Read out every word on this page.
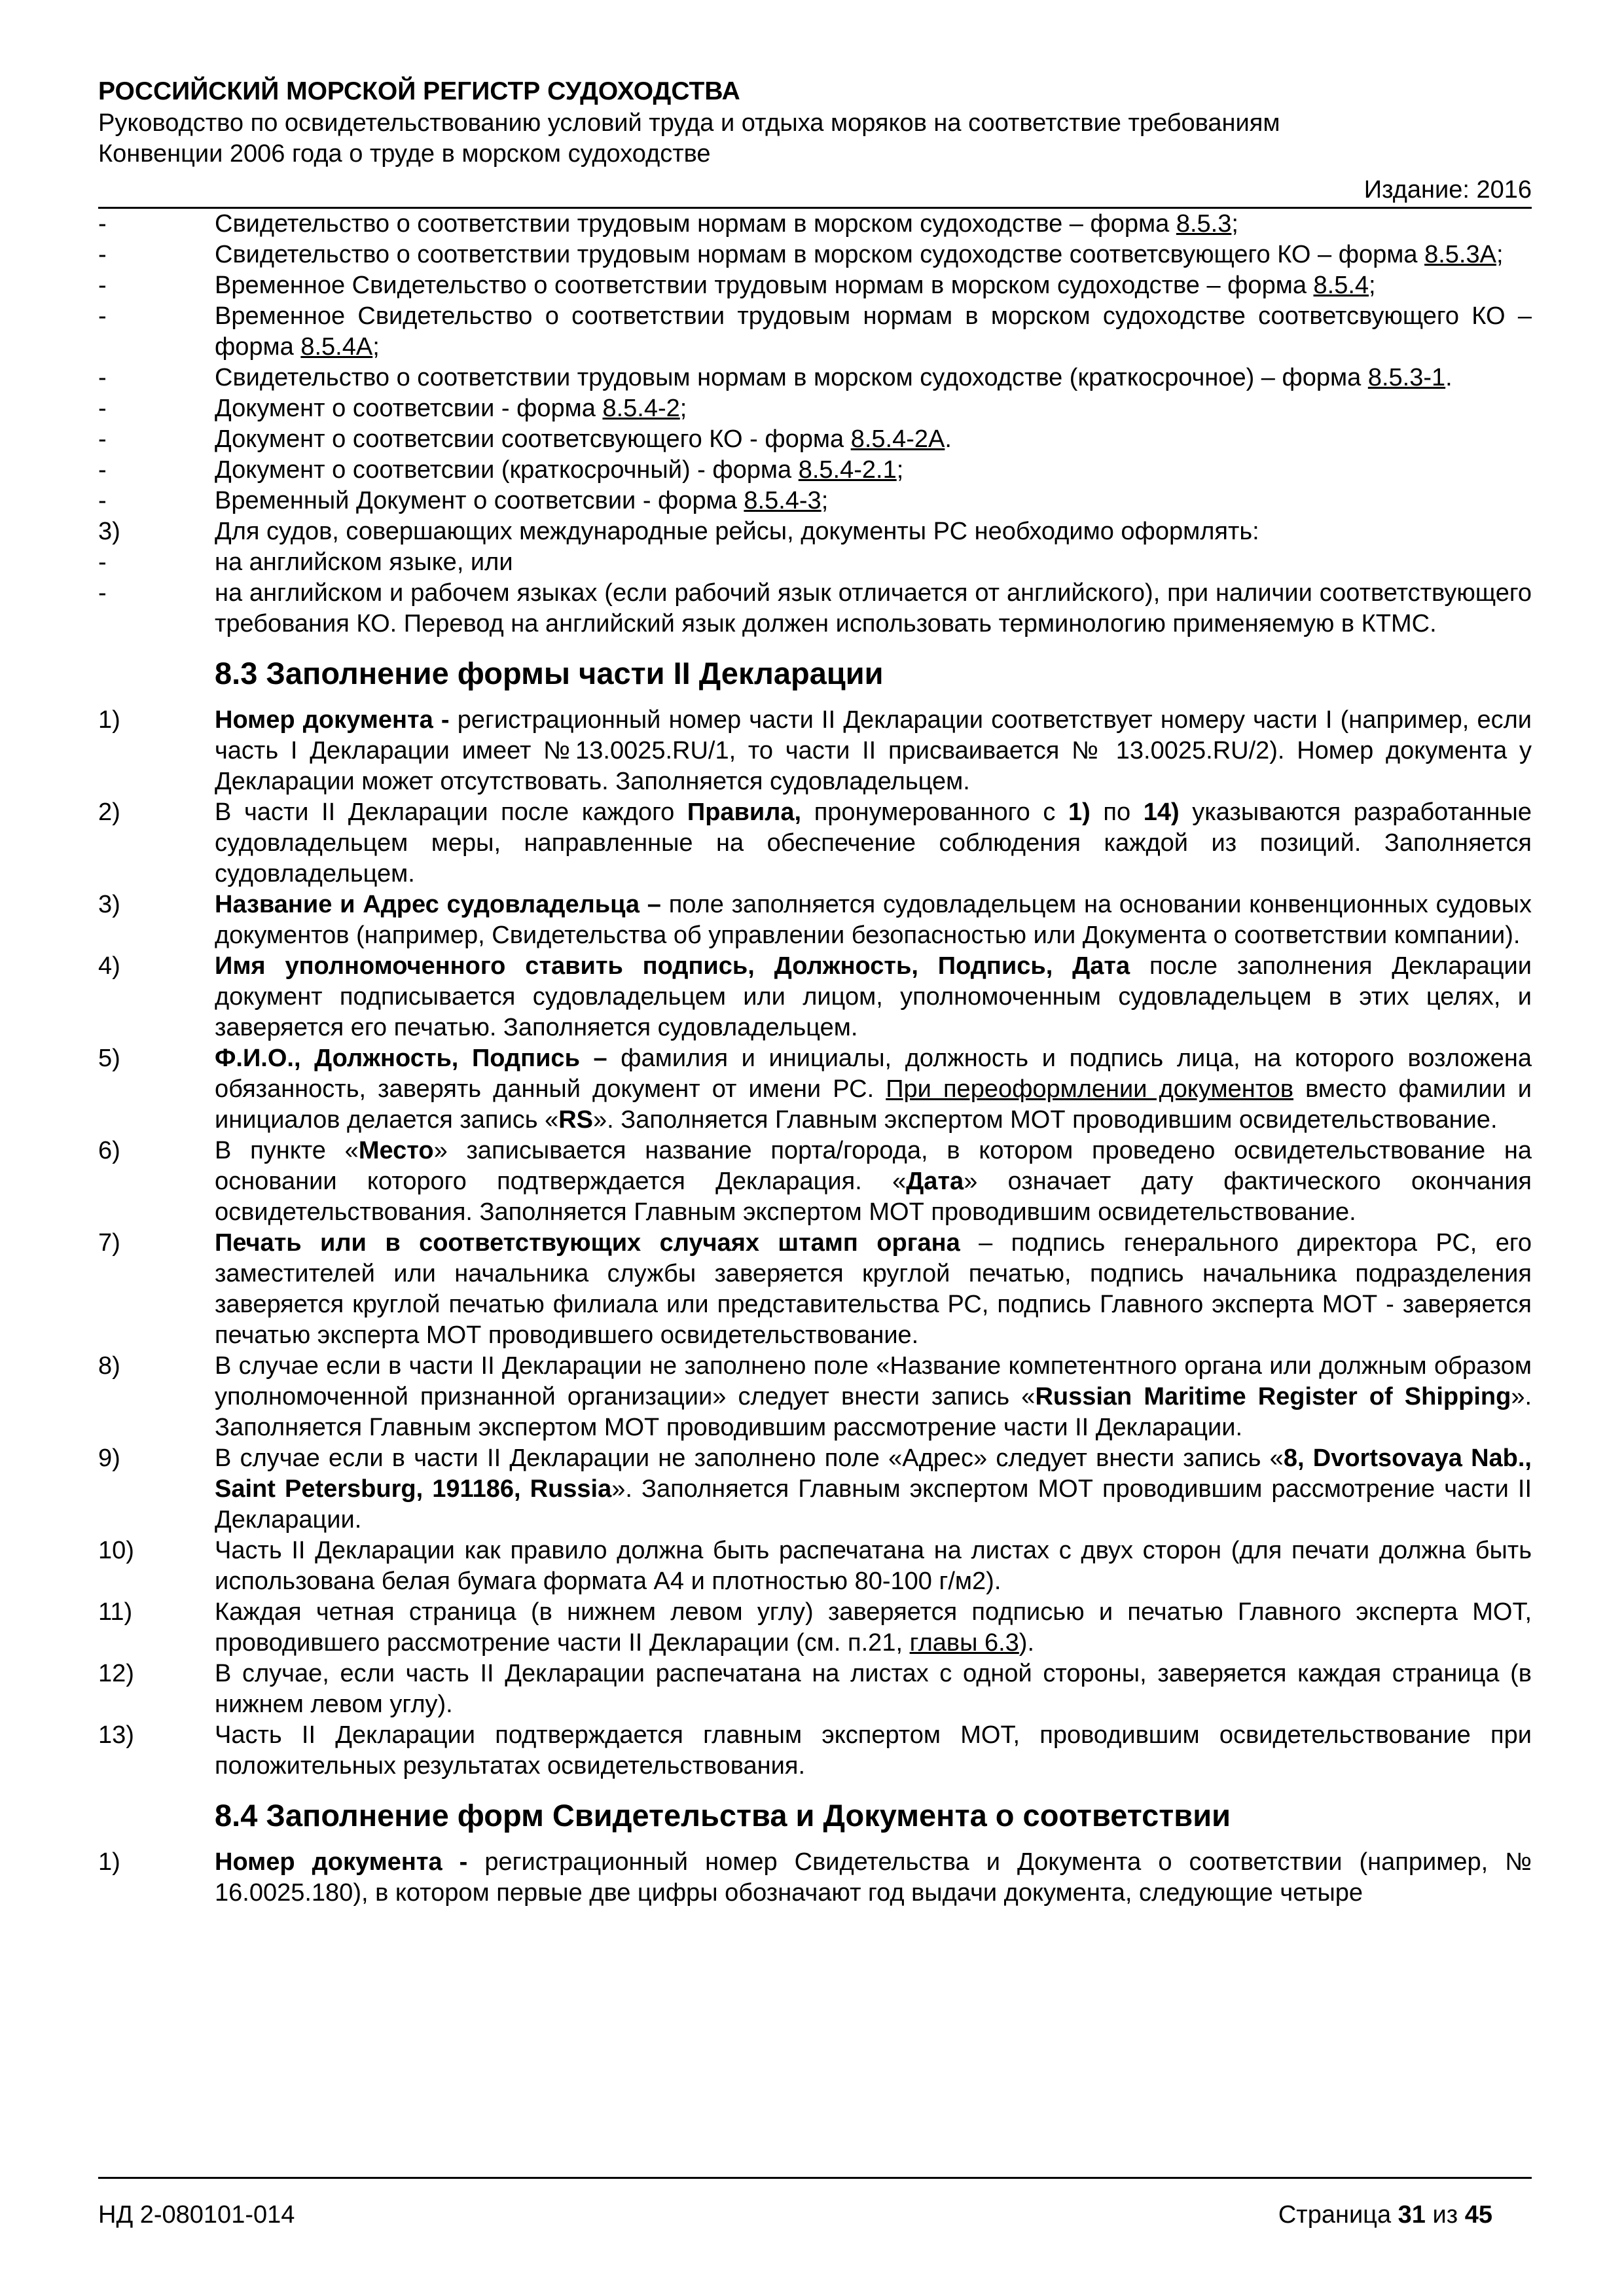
РОССИЙСКИЙ МОРСКОЙ РЕГИСТР СУДОХОДСТВА
Руководство по освидетельствованию условий труда и отдыха моряков на соответствие требованиям
Конвенции 2006 года о труде в морском судоходстве
Издание: 2016
-	Свидетельство о соответствии трудовым нормам в морском судоходстве – форма 8.5.3;
-	Свидетельство о соответствии трудовым нормам в морском судоходстве соответсвующего КО – форма 8.5.3A;
-	Временное Свидетельство о соответствии трудовым нормам в морском судоходстве – форма 8.5.4;
-	Временное Свидетельство о соответствии трудовым нормам в морском судоходстве соответсвующего КО – форма 8.5.4A;
-	Свидетельство о соответствии трудовым нормам в морском судоходстве (краткосрочное) – форма 8.5.3-1.
-	Документ о соответсвии - форма 8.5.4-2;
-	Документ о соответсвии соответсвующего КО - форма 8.5.4-2A.
-	Документ о соответсвии (краткосрочный) - форма 8.5.4-2.1;
-	Временный Документ о соответсвии - форма 8.5.4-3;
3)	Для судов, совершающих международные рейсы, документы РС необходимо оформлять:
-	на английском языке, или
-	на английском и рабочем языках (если рабочий язык отличается от английского), при наличии соответствующего требования КО. Перевод на английский язык должен использовать терминологию применяемую в КТМС.
8.3 Заполнение формы части II Декларации
1)	Номер документа - регистрационный номер части II Декларации соответствует номеру части I (например, если часть I Декларации имеет №13.0025.RU/1, то части II присваивается № 13.0025.RU/2). Номер документа у Декларации может отсутствовать. Заполняется судовладельцем.
2)	В части II Декларации после каждого Правила, пронумерованного с 1) по 14) указываются разработанные судовладельцем меры, направленные на обеспечение соблюдения каждой из позиций. Заполняется судовладельцем.
3)	Название и Адрес судовладельца – поле заполняется судовладельцем на основании конвенционных судовых документов (например, Свидетельства об управлении безопасностью или Документа о соответствии компании).
4)	Имя уполномоченного ставить подпись, Должность, Подпись, Дата после заполнения Декларации документ подписывается судовладельцем или лицом, уполномоченным судовладельцем в этих целях, и заверяется его печатью. Заполняется судовладельцем.
5)	Ф.И.О., Должность, Подпись – фамилия и инициалы, должность и подпись лица, на которого возложена обязанность, заверять данный документ от имени РС. При переоформлении документов вместо фамилии и инициалов делается запись «RS». Заполняется Главным экспертом МОТ проводившим освидетельствование.
6)	В пункте «Место» записывается название порта/города, в котором проведено освидетельствование на основании которого подтверждается Декларация. «Дата» означает дату фактического окончания освидетельствования. Заполняется Главным экспертом МОТ проводившим освидетельствование.
7)	Печать или в соответствующих случаях штамп органа – подпись генерального директора РС, его заместителей или начальника службы заверяется круглой печатью, подпись начальника подразделения заверяется круглой печатью филиала или представительства РС, подпись Главного эксперта МОТ - заверяется печатью эксперта МОТ проводившего освидетельствование.
8)	В случае если в части II Декларации не заполнено поле «Название компетентного органа или должным образом уполномоченной признанной организации» следует внести запись «Russian Maritime Register of Shipping». Заполняется Главным экспертом МОТ проводившим рассмотрение части II Декларации.
9)	В случае если в части II Декларации не заполнено поле «Адрес» следует внести запись «8, Dvortsovaya Nab., Saint Petersburg, 191186, Russia». Заполняется Главным экспертом МОТ проводившим рассмотрение части II Декларации.
10)	Часть II Декларации как правило должна быть распечатана на листах с двух сторон (для печати должна быть использована белая бумага формата А4 и плотностью 80-100 г/м2).
11)	Каждая четная страница (в нижнем левом углу) заверяется подписью и печатью Главного эксперта МОТ, проводившего рассмотрение части II Декларации (см. п.21, главы 6.3).
12)	В случае, если часть II Декларации распечатана на листах с одной стороны, заверяется каждая страница (в нижнем левом углу).
13)	Часть II Декларации подтверждается главным экспертом МОТ, проводившим освидетельствование при положительных результатах освидетельствования.
8.4 Заполнение форм Свидетельства и Документа о соответствии
1)	Номер документа - регистрационный номер Свидетельства и Документа о соответствии (например, № 16.0025.180), в котором первые две цифры обозначают год выдачи документа, следующие четыре
НД 2-080101-014	Страница 31 из 45
